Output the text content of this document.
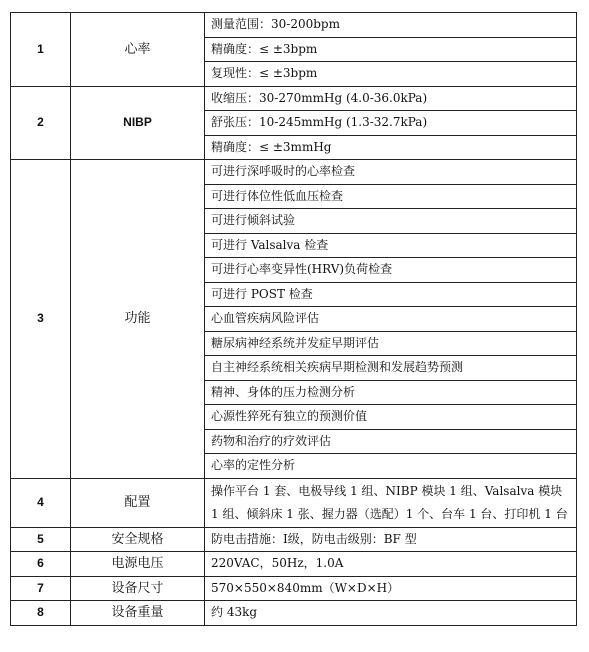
1	心率	测量范围：30-200bpm
		精确度：≤ ±3bpm
		复现性：≤ ±3bpm
2	NIBP	收缩压：30-270mmHg (4.0-36.0kPa)
		舒张压：10-245mmHg (1.3-32.7kPa)
		精确度：≤ ±3mmHg
3	功能	可进行深呼吸时的心率检查
		可进行体位性低血压检查
		可进行倾斜试验
		可进行 Valsalva 检查
		可进行心率变异性(HRV)负荷检查
		可进行 POST 检查
		心血管疾病风险评估
		糖尿病神经系统并发症早期评估
		自主神经系统相关疾病早期检测和发展趋势预测
		精神、身体的压力检测分析
		心源性猝死有独立的预测价值
		药物和治疗的疗效评估
		心率的定性分析
4	配置	操作平台 1 套、电极导线 1 组、NIBP 模块 1 组、Valsalva 模块 1 组、倾斜床 1 张、握力器（选配）1 个、台车 1 台、打印机 1 台
5	安全规格	防电击措施：Ⅰ级，防电击级别：BF 型
6	电源电压	220VAC，50Hz，1.0A
7	设备尺寸	570×550×840mm（W×D×H）
8	设备重量	约 43kg
